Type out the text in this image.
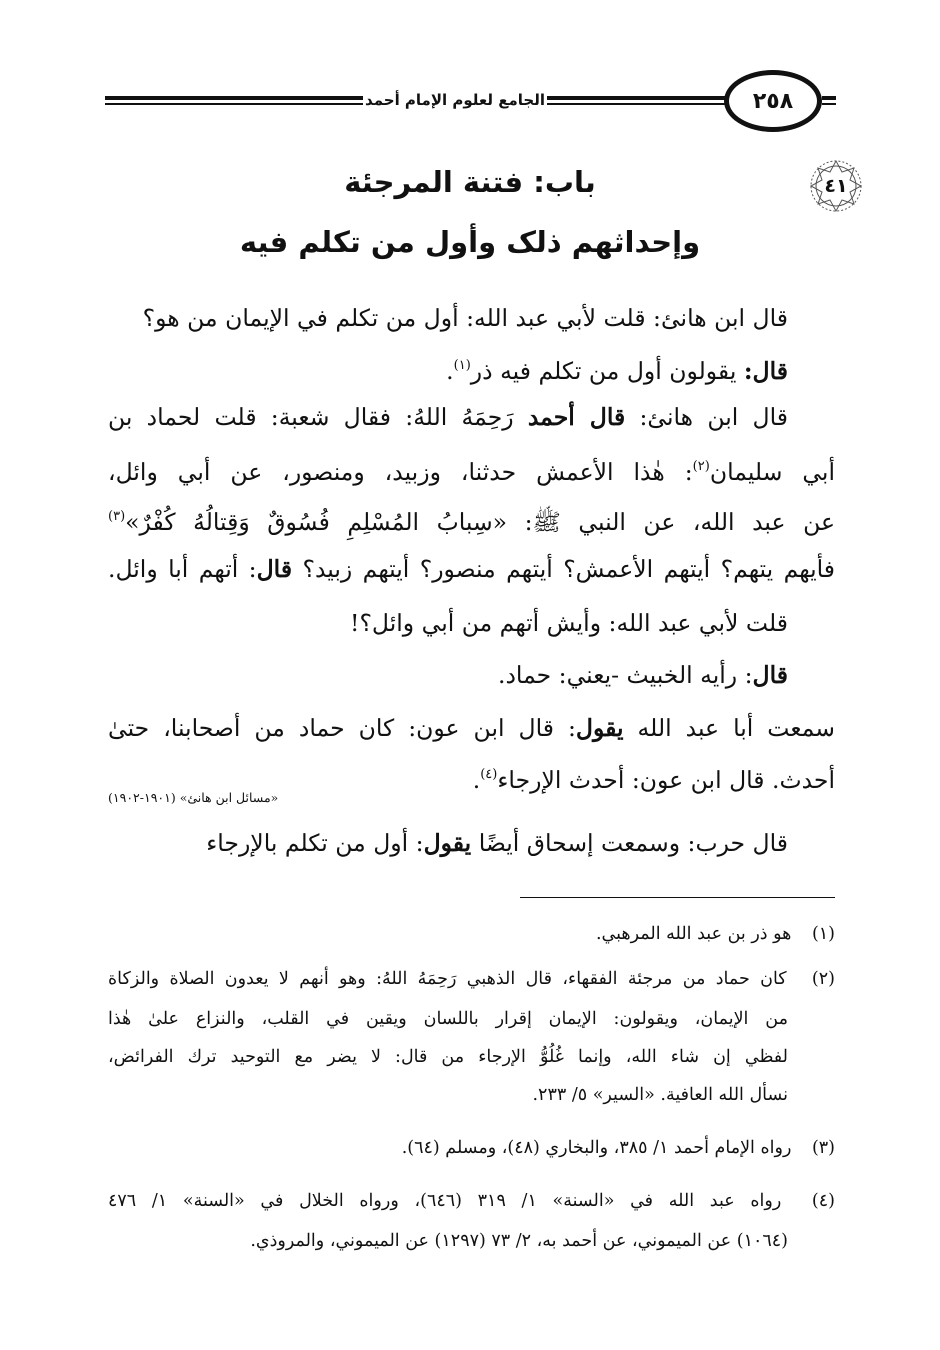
الجامع لعلوم الإمام أحمد	٢٥٨
٤١
باب: فتنة المرجئة
وإحداثهم ذلک وأول من تكلم فيه
قال ابن هانئ: قلت لأبي عبد الله: أول من تكلم في الإيمان من هو؟
قال: يقولون أول من تكلم فيه ذر$^{(١)}$.
قال ابن هانئ: قال أحمد رَحِمَهُ اللهُ: فقال شعبة: قلت لحماد بن
أبي سليمان$^{(٢)}$: هٰذا الأعمش حدثنا، وزبيد، ومنصور، عن أبي وائل،
عن عبد الله، عن النبي ﷺ: «سِبابُ المُسْلِمِ فُسُوقٌ وَقِتالُهُ كُفْرٌ»$^{(٣)}$
فأيهم يتهم؟ أيتهم الأعمش؟ أيتهم منصور؟ أيتهم زبيد؟ قال: أتهم أبا وائل.
قلت لأبي عبد الله: وأيش أتهم من أبي وائل؟!
قال: رأيه الخبيث -يعني: حماد.
سمعت أبا عبد الله يقول: قال ابن عون: كان حماد من أصحابنا، حتىٰ
أحدث. قال ابن عون: أحدث الإرجاء$^{(٤)}$.
«مسائل ابن هانئ» (١٩٠١-١٩٠٢)
قال حرب: وسمعت إسحاق أيضًا يقول: أول من تكلم بالإرجاء
(١) هو ذر بن عبد الله المرهبي.
(٢) كان حماد من مرجئة الفقهاء، قال الذهبي رَحِمَهُ اللهُ: وهو أنهم لا يعدون الصلاة والزكاة
من الإيمان، ويقولون: الإيمان إقرار باللسان ويقين في القلب، والنزاع علىٰ هٰذا
لفظي إن شاء الله، وإنما غُلُوُّ الإرجاء من قال: لا يضر مع التوحيد ترك الفرائض،
نسأل الله العافية. «السير» ٥/ ٢٣٣.
(٣) رواه الإمام أحمد ١/ ٣٨٥، والبخاري (٤٨)، ومسلم (٦٤).
(٤) رواه عبد الله في «السنة» ١/ ٣١٩ (٦٤٦)، ورواه الخلال في «السنة» ١/ ٤٧٦
(١٠٦٤) عن الميموني، عن أحمد به، ٢/ ٧٣ (١٢٩٧) عن الميموني، والمروذي.
